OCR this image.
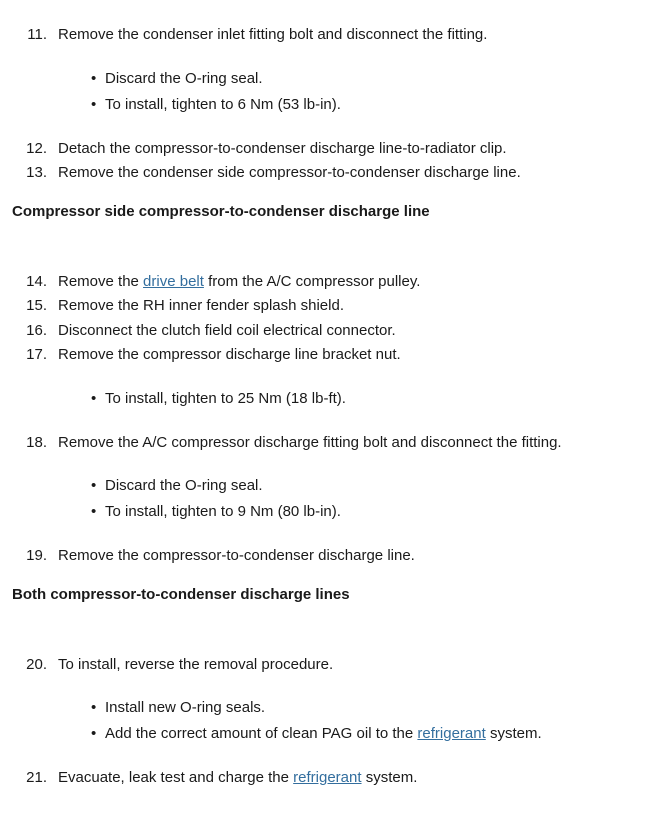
Remove the condenser inlet fitting bolt and disconnect the fitting.
• Discard the O-ring seal.
• To install, tighten to 6 Nm (53 lb-in).
Detach the compressor-to-condenser discharge line-to-radiator clip.
Remove the condenser side compressor-to-condenser discharge line.
Compressor side compressor-to-condenser discharge line
Remove the drive belt from the A/C compressor pulley.
Remove the RH inner fender splash shield.
Disconnect the clutch field coil electrical connector.
Remove the compressor discharge line bracket nut.
• To install, tighten to 25 Nm (18 lb-ft).
Remove the A/C compressor discharge fitting bolt and disconnect the fitting.
• Discard the O-ring seal.
• To install, tighten to 9 Nm (80 lb-in).
Remove the compressor-to-condenser discharge line.
Both compressor-to-condenser discharge lines
To install, reverse the removal procedure.
• Install new O-ring seals.
• Add the correct amount of clean PAG oil to the refrigerant system.
Evacuate, leak test and charge the refrigerant system.
